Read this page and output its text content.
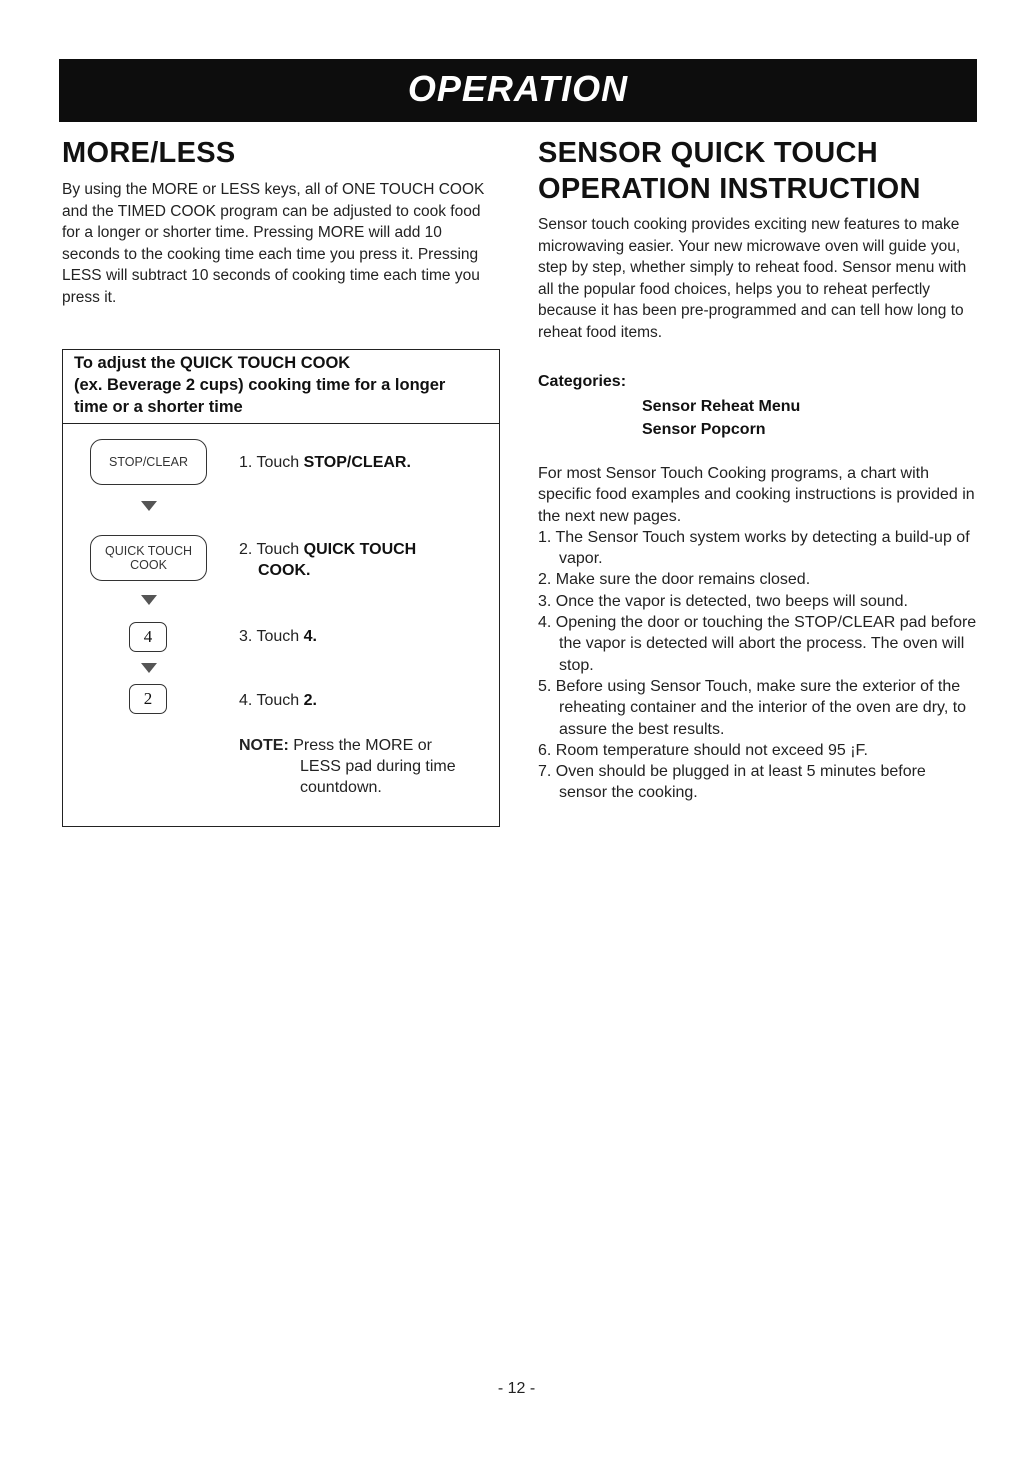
OPERATION
MORE/LESS

By using the MORE or LESS keys, all of ONE TOUCH COOK and the TIMED COOK program can be adjusted to cook food for a longer or shorter time. Pressing MORE will add 10 seconds to the cooking time each time you press it. Pressing LESS will subtract 10 seconds of cooking time each time you press it.

To adjust the QUICK TOUCH COOK
(ex. Beverage 2 cups) cooking time for a longer
time or a shorter time
STOP/CLEAR
QUICK TOUCH
COOK
4
2
1. Touch STOP/CLEAR.
2. Touch QUICK TOUCH
COOK.
3. Touch 4.
4. Touch 2.
NOTE: Press the MORE or
LESS pad during time
countdown.
SENSOR QUICK TOUCH
OPERATION INSTRUCTION

Sensor touch cooking provides exciting new features to make microwaving easier. Your new microwave oven will guide you, step by step, whether simply to reheat food. Sensor menu with all the popular food choices, helps you to reheat perfectly because it has been pre-programmed and can tell how long to reheat food items.

Categories:
Sensor Reheat Menu
Sensor Popcorn

For most Sensor Touch Cooking programs, a chart with specific food examples and cooking instructions is provided in the next new pages.

1. The Sensor Touch system works by detecting a build-up of vapor.
2. Make sure the door remains closed.
3. Once the vapor is detected, two beeps will sound.
4. Opening the door or touching the STOP/CLEAR pad before the vapor is detected will abort the process. The oven will stop.
5. Before using Sensor Touch, make sure the exterior of the reheating container and the interior of the oven are dry, to assure the best results.
6. Room temperature should not exceed 95 ¡F.
7. Oven should be plugged in at least 5 minutes before sensor the cooking.
- 12 -
